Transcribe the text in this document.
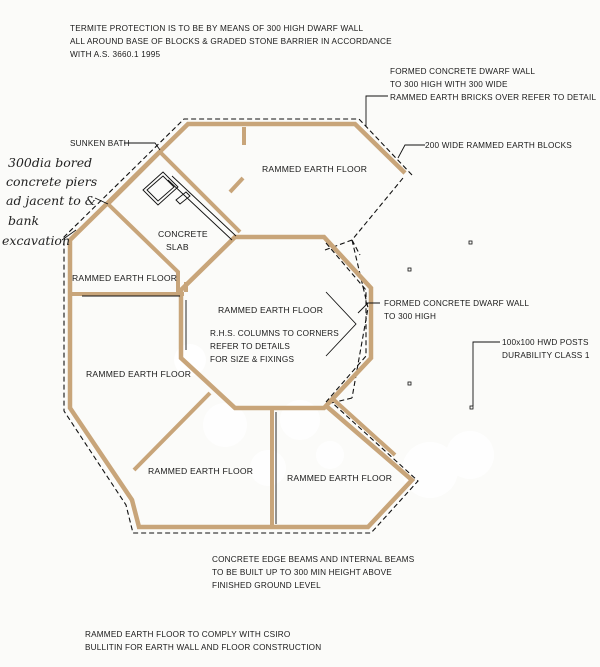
TERMITE PROTECTION IS TO BE BY MEANS OF 300 HIGH DWARF WALL
ALL AROUND BASE OF BLOCKS & GRADED STONE BARRIER IN ACCORDANCE
WITH A.S. 3660.1 1995
FORMED CONCRETE DWARF WALL
TO 300 HIGH WITH 300 WIDE
RAMMED EARTH BRICKS OVER REFER TO DETAIL
200 WIDE RAMMED EARTH BLOCKS
SUNKEN BATH
FORMED CONCRETE DWARF WALL
TO 300 HIGH
100x100 HWD POSTS
DURABILITY CLASS 1
R.H.S. COLUMNS TO CORNERS
REFER TO DETAILS
FOR SIZE & FIXINGS
CONCRETE EDGE BEAMS AND INTERNAL BEAMS
TO BE BUILT UP TO 300 MIN HEIGHT ABOVE
FINISHED GROUND LEVEL
RAMMED EARTH FLOOR TO COMPLY WITH CSIRO
BULLITIN FOR EARTH WALL AND FLOOR CONSTRUCTION
RAMMED EARTH FLOOR
CONCRETE
SLAB
RAMMED EARTH FLOOR
RAMMED EARTH FLOOR
RAMMED EARTH FLOOR
RAMMED EARTH FLOOR
RAMMED EARTH FLOOR
300dia bored
concrete piers
ad jacent to &
bank
excavation
